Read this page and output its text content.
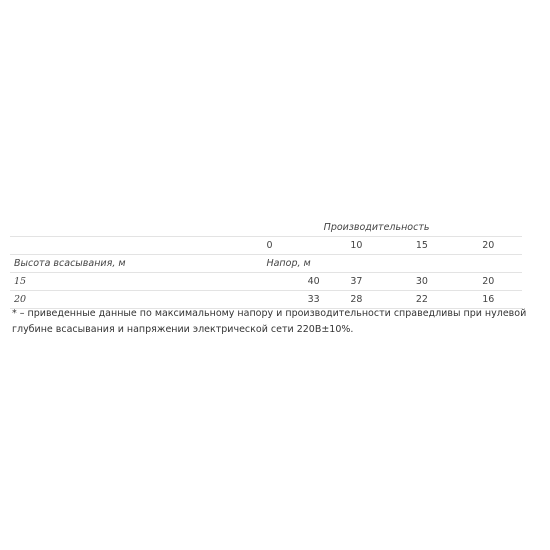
		Производительность		
	0	10	15	20
Высота всасывания, м	Напор, м			
15	40	37	30	20
20	33	28	22	16

* – приведенные данные по максимальному напору и производительности справедливы при нулевой глубине всасывания и напряжении электрической сети 220В±10%.
